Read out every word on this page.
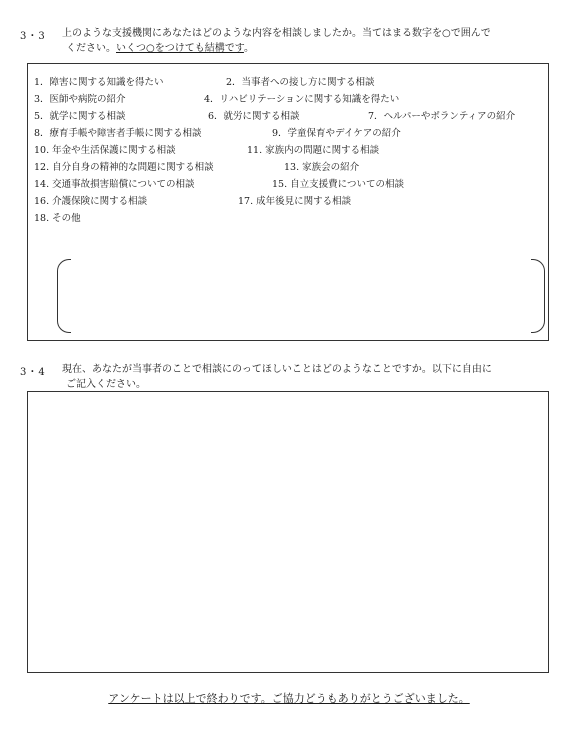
3・3 上のような支援機関にあなたはどのような内容を相談しましたか。当てはまる数字を○で囲んで
ください。いくつ○をつけても結構です。
1．障害に関する知識を得たい	2．当事者への接し方に関する相談
3．医師や病院の紹介	4．リハビリテーションに関する知識を得たい
5．就学に関する相談	6．就労に関する相談	7．ヘルパーやボランティアの紹介
8．療育手帳や障害者手帳に関する相談	9．学童保育やデイケアの紹介
10. 年金や生活保護に関する相談	11. 家族内の問題に関する相談
12. 自分自身の精神的な問題に関する相談	13. 家族会の紹介
14. 交通事故損害賠償についての相談	15. 自立支援費についての相談
16. 介護保険に関する相談	17. 成年後見に関する相談
18. その他
3・4 現在、あなたが当事者のことで相談にのってほしいことはどのようなことですか。以下に自由に
ご記入ください。
アンケートは以上で終わりです。ご協力どうもありがとうございました。
